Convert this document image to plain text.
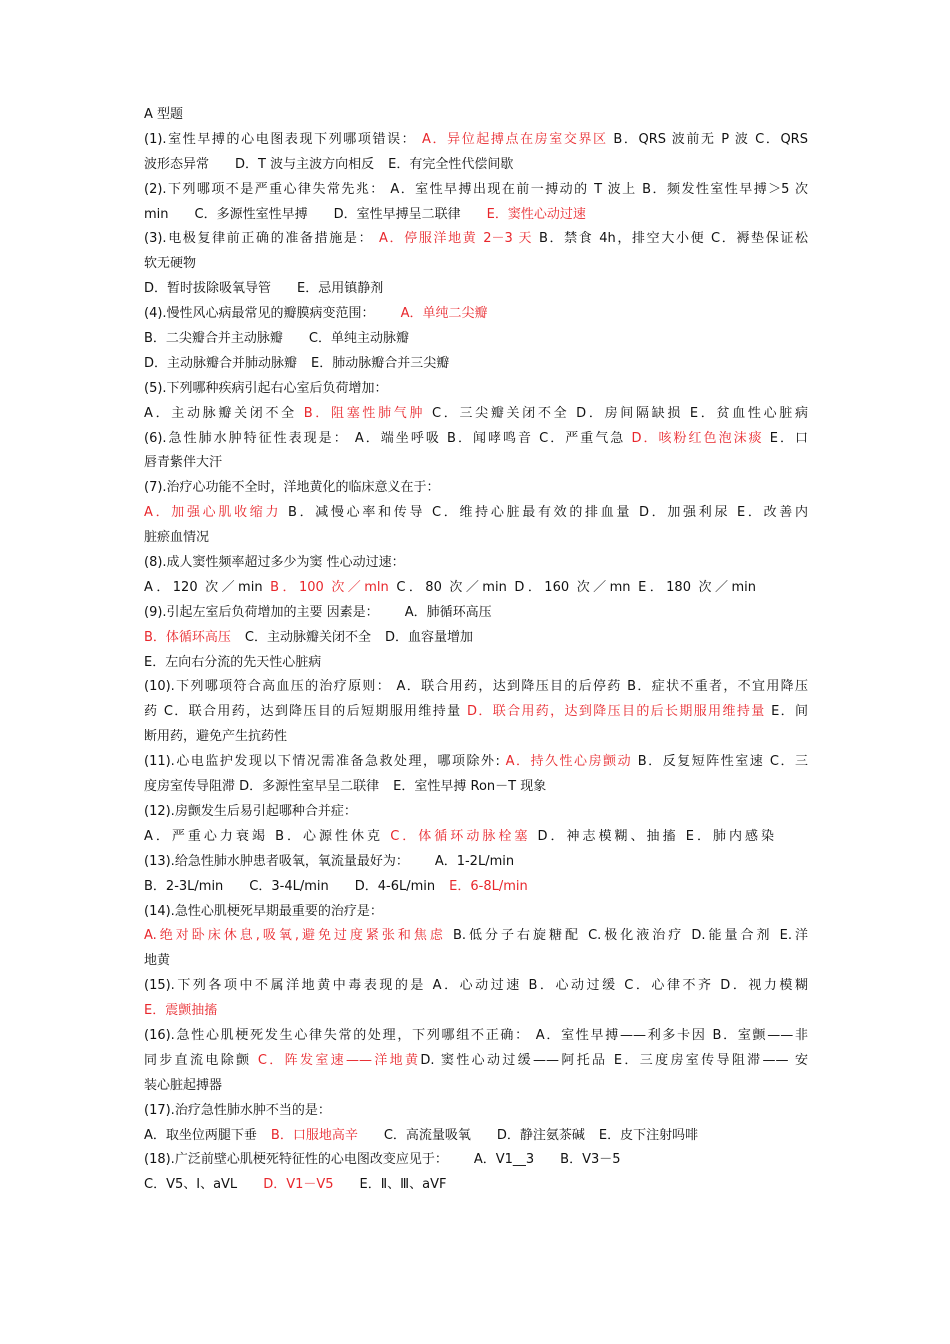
A 型题
(1).室性早搏的心电图表现下列哪项错误： A．异位起搏点在房室交界区 B．QRS 波前无 P 波 C．QRS
波形态异常 D．T 波与主波方向相反 E．有完全性代偿间歇
(2).下列哪项不是严重心律失常先兆： A．室性早搏出现在前一搏动的 T 波上 B．频发性室性早搏＞5 次
min C．多源性室性早搏 D．室性早搏呈二联律 E．窦性心动过速
(3).电极复律前正确的准备措施是： A．停服洋地黄 2－3 天 B．禁食 4h，排空大小便 C．褥垫保证松
软无硬物
D．暂时拔除吸氧导管 E．忌用镇静剂
(4).慢性风心病最常见的瓣膜病变范围： A．单纯二尖瓣
B．二尖瓣合并主动脉瓣 C．单纯主动脉瓣
D．主动脉瓣合并肺动脉瓣 E．肺动脉瓣合并三尖瓣
(5).下列哪种疾病引起右心室后负荷增加：
A．主动脉瓣关闭不全 B．阻塞性肺气肿 C．三尖瓣关闭不全 D．房间隔缺损 E．贫血性心脏病
(6).急性肺水肿特征性表现是： A．端坐呼吸 B．闻哮鸣音 C．严重气急 D．咳粉红色泡沫痰 E．口
唇青紫伴大汗
(7).治疗心功能不全时，洋地黄化的临床意义在于：
A．加强心肌收缩力 B．减慢心率和传导 C．维持心脏最有效的排血量 D．加强利尿 E．改善内
脏瘀血情况
(8).成人窦性频率超过多少为窦 性心动过速：
A．120 次／min B．100 次／mln C．80 次／min D．160 次／mn E．180 次／min
(9).引起左室后负荷增加的主要 因素是： A．肺循环高压
B．体循环高压 C．主动脉瓣关闭不全 D．血容量增加
E．左向右分流的先天性心脏病
(10).下列哪项符合高血压的治疗原则： A．联合用药，达到降压目的后停药 B．症状不重者，不宜用降压
药 C．联合用药，达到降压目的后短期服用维持量 D．联合用药，达到降压目的后长期服用维持量 E．间
断用药，避免产生抗药性
(11).心电监护发现以下情况需准备急救处理，哪项除外: A．持久性心房颤动 B．反复短阵性室速 C．三
度房室传导阻滞 D．多源性室早呈二联律 E．室性早搏 Ron－T 现象
(12).房颤发生后易引起哪种合并症：
A．严重心力衰竭 B．心源性休克 C．体循环动脉栓塞 D．神志模糊、抽搐 E．肺内感染
(13).给急性肺水肿患者吸氧，氧流量最好为： A．1-2L/min
B．2-3L/min C．3-4L/min D．4-6L/min E．6-8L/min
(14).急性心肌梗死早期最重要的治疗是：
A.绝对卧床休息,吸氧,避免过度紧张和焦虑 B.低分子右旋糖配 C.极化液治疗 D.能量合剂 E.洋
地黄
(15).下列各项中不属洋地黄中毒表现的是 A．心动过速 B．心动过缓 C．心律不齐 D．视力模糊
E．震颤抽搐
(16).急性心肌梗死发生心律失常的处理，下列哪组不正确： A．室性早搏——利多卡因 B．室颤——非
同步直流电除颤 C．阵发室速——洋地黄D. 窦性心动过缓——阿托品 E．三度房室传导阻滞—— 安
装心脏起搏器
(17).治疗急性肺水肿不当的是：
A．取坐位两腿下垂 B．口服地高辛 C．高流量吸氧 D．静注氨茶碱 E．皮下注射吗啡
(18).广泛前壁心肌梗死特征性的心电图改变应见于： A．V1__3 B．V3－5
C．V5、I、aVL D．V1－V5 E．Ⅱ、Ⅲ、aVF
